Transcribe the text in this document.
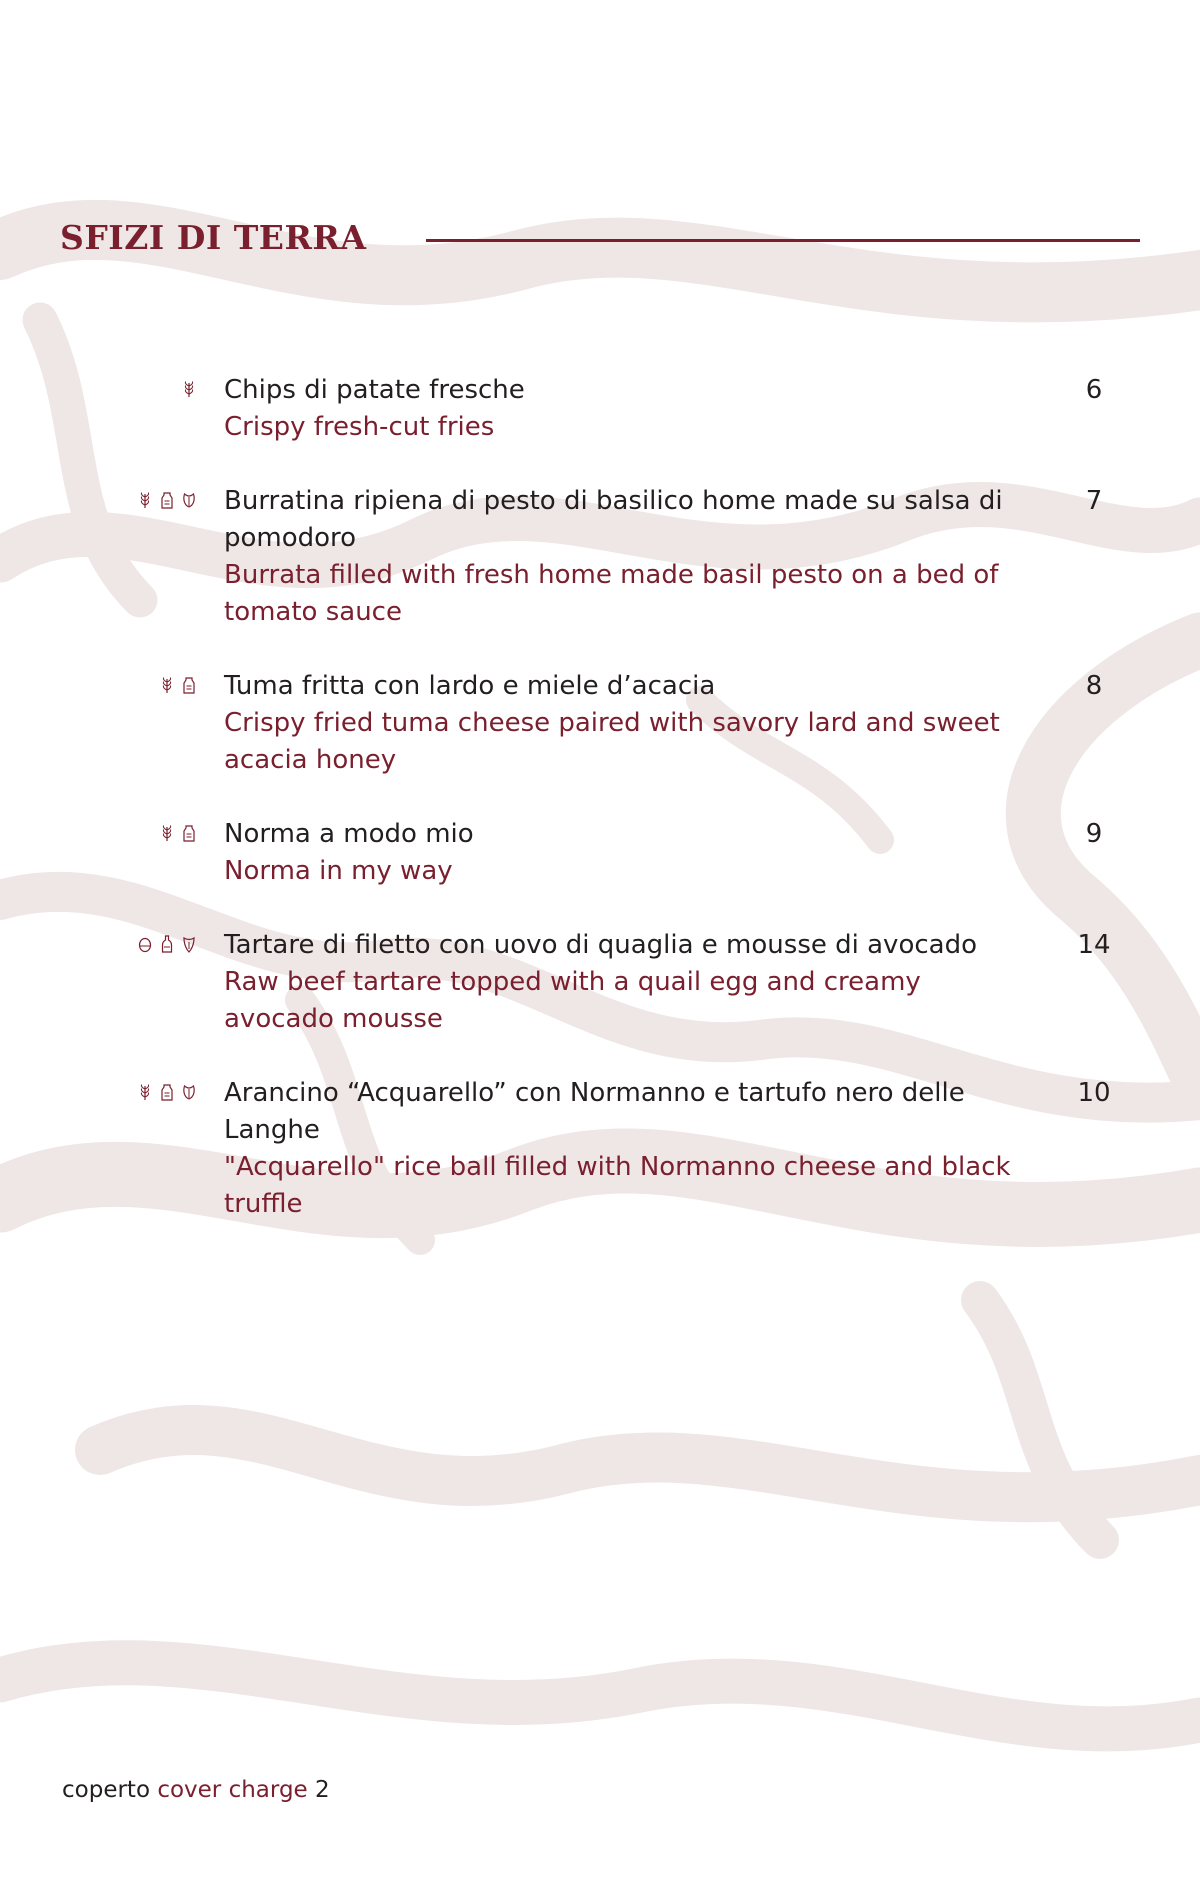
SFIZI DI TERRA
Chips di patate fresche
Crispy fresh-cut fries
6
Burratina ripiena di pesto di basilico home made su salsa di pomodoro
Burrata filled with fresh home made basil pesto on a bed of tomato sauce
7
Tuma fritta con lardo e miele d’acacia
Crispy fried tuma cheese paired with savory lard and sweet acacia honey
8
Norma a modo mio
Norma in my way
9
Tartare di filetto con uovo di quaglia e mousse di avocado
Raw beef tartare topped with a quail egg and creamy avocado mousse
14
Arancino “Acquarello” con Normanno e tartufo nero delle Langhe
"Acquarello" rice ball filled with Normanno cheese and black truffle
10
coperto cover charge 2
